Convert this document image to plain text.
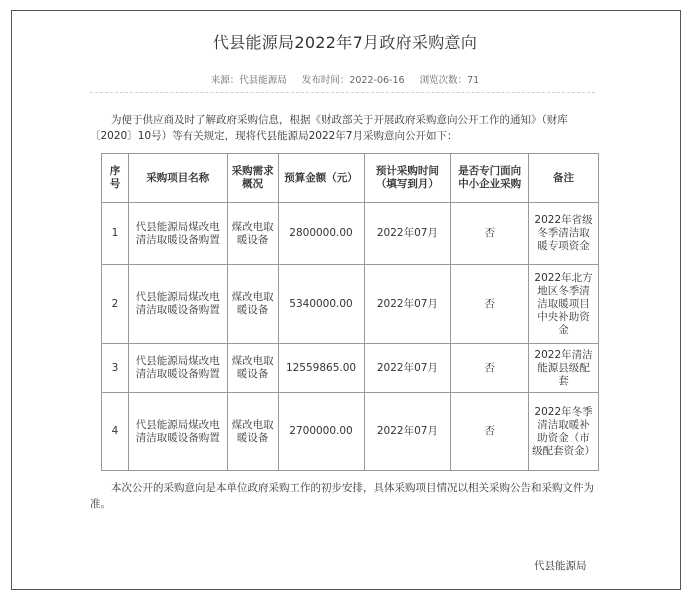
代县能源局2022年7月政府采购意向
来源：代县能源局 发布时间：2022-06-16 浏览次数：71

为便于供应商及时了解政府采购信息，根据《财政部关于开展政府采购意向公开工作的通知》（财库〔2020〕10号）等有关规定，现将代县能源局2022年7月采购意向公开如下：

序号	采购项目名称	采购需求概况	预算金额（元）	预计采购时间（填写到月）	是否专门面向中小企业采购	备注
1	代县能源局煤改电清洁取暖设备购置	煤改电取暖设备	2800000.00	2022年07月	否	2022年省级冬季清洁取暖专项资金
2	代县能源局煤改电清洁取暖设备购置	煤改电取暖设备	5340000.00	2022年07月	否	2022年北方地区冬季清洁取暖项目中央补助资金
3	代县能源局煤改电清洁取暖设备购置	煤改电取暖设备	12559865.00	2022年07月	否	2022年清洁能源县级配套
4	代县能源局煤改电清洁取暖设备购置	煤改电取暖设备	2700000.00	2022年07月	否	2022年冬季清洁取暖补助资金（市级配套资金）

本次公开的采购意向是本单位政府采购工作的初步安排，具体采购项目情况以相关采购公告和采购文件为准。

代县能源局
